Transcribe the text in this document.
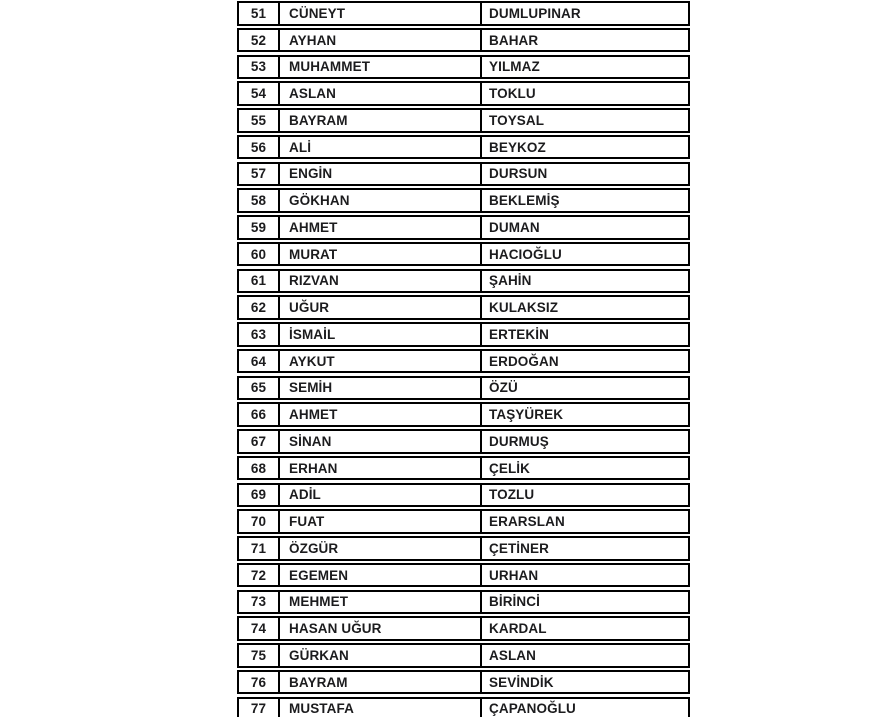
51	CÜNEYT	DUMLUPINAR
52	AYHAN	BAHAR
53	MUHAMMET	YILMAZ
54	ASLAN	TOKLU
55	BAYRAM	TOYSAL
56	ALİ	BEYKOZ
57	ENGİN	DURSUN
58	GÖKHAN	BEKLEMİŞ
59	AHMET	DUMAN
60	MURAT	HACIOĞLU
61	RIZVAN	ŞAHİN
62	UĞUR	KULAKSIZ
63	İSMAİL	ERTEKİN
64	AYKUT	ERDOĞAN
65	SEMİH	ÖZÜ
66	AHMET	TAŞYÜREK
67	SİNAN	DURMUŞ
68	ERHAN	ÇELİK
69	ADİL	TOZLU
70	FUAT	ERARSLAN
71	ÖZGÜR	ÇETİNER
72	EGEMEN	URHAN
73	MEHMET	BİRİNCİ
74	HASAN UĞUR	KARDAL
75	GÜRKAN	ASLAN
76	BAYRAM	SEVİNDİK
77	MUSTAFA	ÇAPANOĞLU
